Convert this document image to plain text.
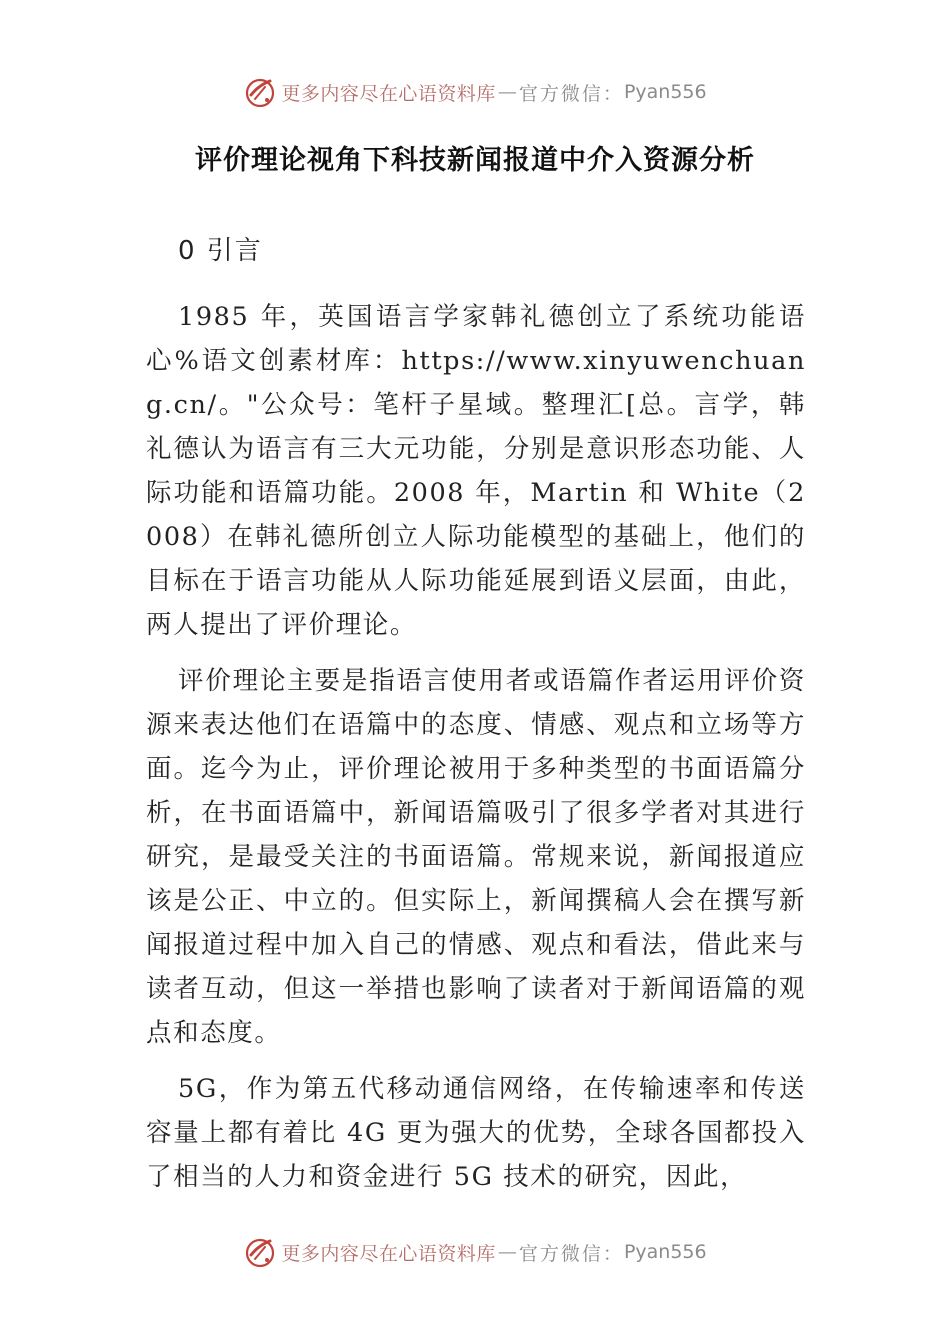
更多内容尽在心语资料库 — 官方微信： Pyan556
评价理论视角下科技新闻报道中介入资源分析
0 引言

1985 年，英国语言学家韩礼德创立了系统功能语心%语文创素材库：https://www.xinyuwenchuang.cn/。"公众号：笔杆子星域。整理汇[总。言学，韩礼德认为语言有三大元功能，分别是意识形态功能、人际功能和语篇功能。2008 年，Martin 和 White（2008）在韩礼德所创立人际功能模型的基础上，他们的目标在于语言功能从人际功能延展到语义层面，由此，两人提出了评价理论。

评价理论主要是指语言使用者或语篇作者运用评价资源来表达他们在语篇中的态度、情感、观点和立场等方面。迄今为止，评价理论被用于多种类型的书面语篇分析，在书面语篇中，新闻语篇吸引了很多学者对其进行研究，是最受关注的书面语篇。常规来说，新闻报道应该是公正、中立的。但实际上，新闻撰稿人会在撰写新闻报道过程中加入自己的情感、观点和看法，借此来与读者互动，但这一举措也影响了读者对于新闻语篇的观点和态度。

5G，作为第五代移动通信网络，在传输速率和传送容量上都有着比 4G 更为强大的优势，全球各国都投入了相当的人力和资金进行 5G 技术的研究，因此，

更多内容尽在心语资料库 — 官方微信： Pyan556
